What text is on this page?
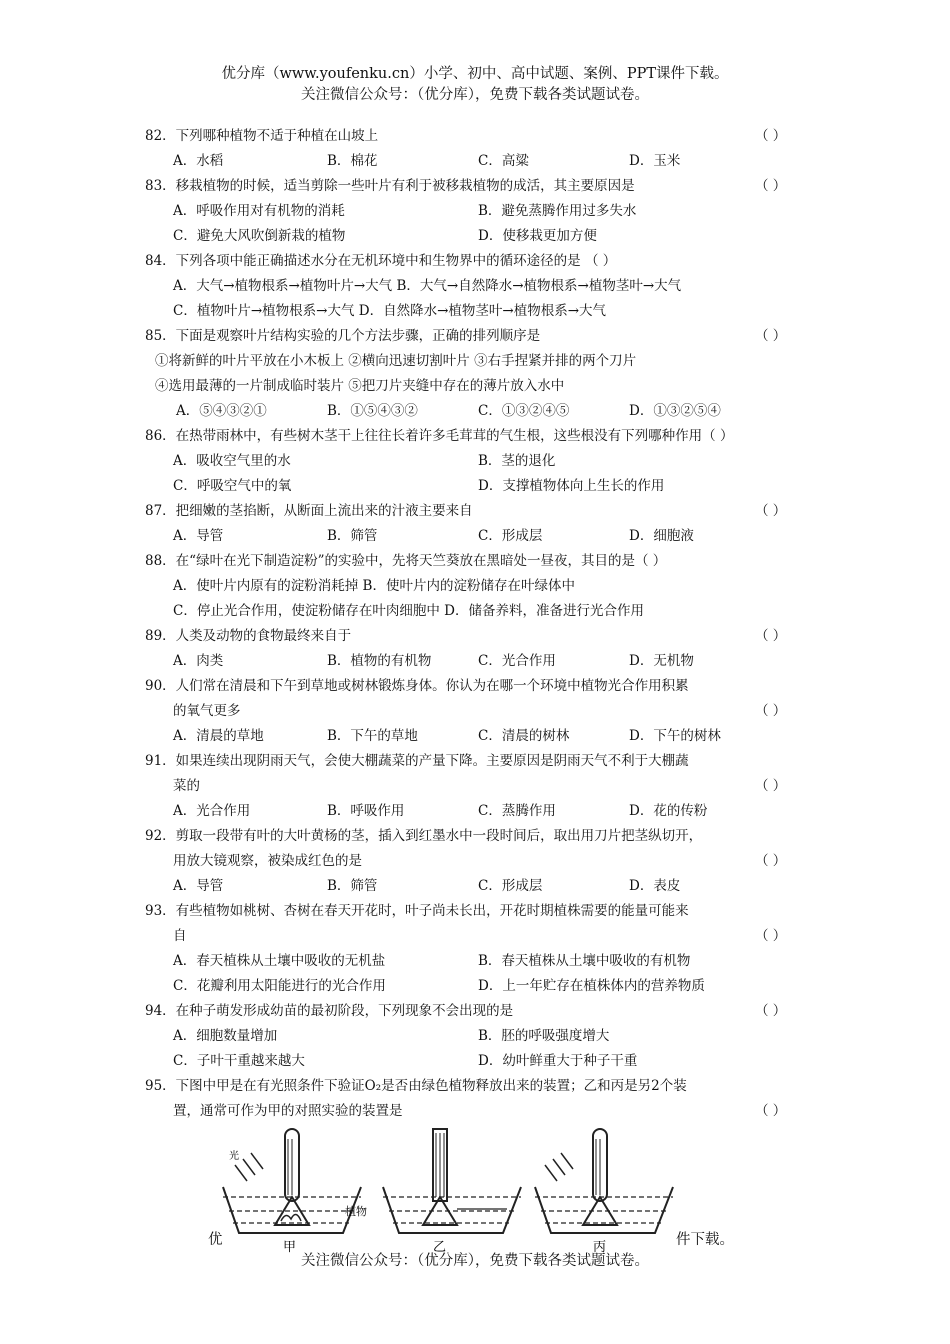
优分库（www.youfenku.cn）小学、初中、高中试题、案例、PPT课件下载。
关注微信公众号：（优分库），免费下载各类试题试卷。
82．下列哪种植物不适于种植在山坡上	（ ）
A．水稻	B．棉花	C．高粱	D．玉米
83．移栽植物的时候，适当剪除一些叶片有利于被移栽植物的成活，其主要原因是	（ ）
A．呼吸作用对有机物的消耗	B．避免蒸腾作用过多失水
C．避免大风吹倒新栽的植物	D．使移栽更加方便
84．下列各项中能正确描述水分在无机环境中和生物界中的循环途径的是 （ ）
A．大气→植物根系→植物叶片→大气 B．大气→自然降水→植物根系→植物茎叶→大气
C．植物叶片→植物根系→大气 D．自然降水→植物茎叶→植物根系→大气
85．下面是观察叶片结构实验的几个方法步骤，正确的排列顺序是	（ ）
①将新鲜的叶片平放在小木板上 ②横向迅速切割叶片 ③右手捏紧并排的两个刀片
④选用最薄的一片制成临时装片 ⑤把刀片夹缝中存在的薄片放入水中
A．⑤④③②①	B．①⑤④③②	C．①③②④⑤	D．①③②⑤④
86．在热带雨林中，有些树木茎干上往往长着许多毛茸茸的气生根，这些根没有下列哪种作用（ ）
A．吸收空气里的水	B．茎的退化
C．呼吸空气中的氧	D．支撑植物体向上生长的作用
87．把细嫩的茎掐断，从断面上流出来的汁液主要来自	（ ）
A．导管	B．筛管	C．形成层	D．细胞液
88．在“绿叶在光下制造淀粉”的实验中，先将天竺葵放在黑暗处一昼夜，其目的是（ ）
A．使叶片内原有的淀粉消耗掉 B．使叶片内的淀粉储存在叶绿体中
C．停止光合作用，使淀粉储存在叶肉细胞中 D．储备养料，准备进行光合作用
89．人类及动物的食物最终来自于	（ ）
A．肉类	B．植物的有机物	C．光合作用	D．无机物
90．人们常在清晨和下午到草地或树林锻炼身体。你认为在哪一个环境中植物光合作用积累
的氧气更多	（ ）
A．清晨的草地	B．下午的草地	C．清晨的树林	D．下午的树林
91．如果连续出现阴雨天气，会使大棚蔬菜的产量下降。主要原因是阴雨天气不利于大棚蔬
菜的	（ ）
A．光合作用	B．呼吸作用	C．蒸腾作用	D．花的传粉
92．剪取一段带有叶的大叶黄杨的茎，插入到红墨水中一段时间后，取出用刀片把茎纵切开，
用放大镜观察，被染成红色的是	（ ）
A．导管	B．筛管	C．形成层	D．表皮
93．有些植物如桃树、杏树在春天开花时，叶子尚未长出，开花时期植株需要的能量可能来
自	（ ）
A．春天植株从土壤中吸收的无机盐	B．春天植株从土壤中吸收的有机物
C．花瓣利用太阳能进行的光合作用	D．上一年贮存在植株体内的营养物质
94．在种子萌发形成幼苗的最初阶段，下列现象不会出现的是	（ ）
A．细胞数量增加	B．胚的呼吸强度增大
C．子叶干重越来越大	D．幼叶鲜重大于种子干重
95．下图中甲是在有光照条件下验证O₂是否由绿色植物释放出来的装置；乙和丙是另2个装
置，通常可作为甲的对照实验的装置是	（ ）
光
植物
甲	乙	丙
优	件下载。
关注微信公众号：（优分库），免费下载各类试题试卷。
